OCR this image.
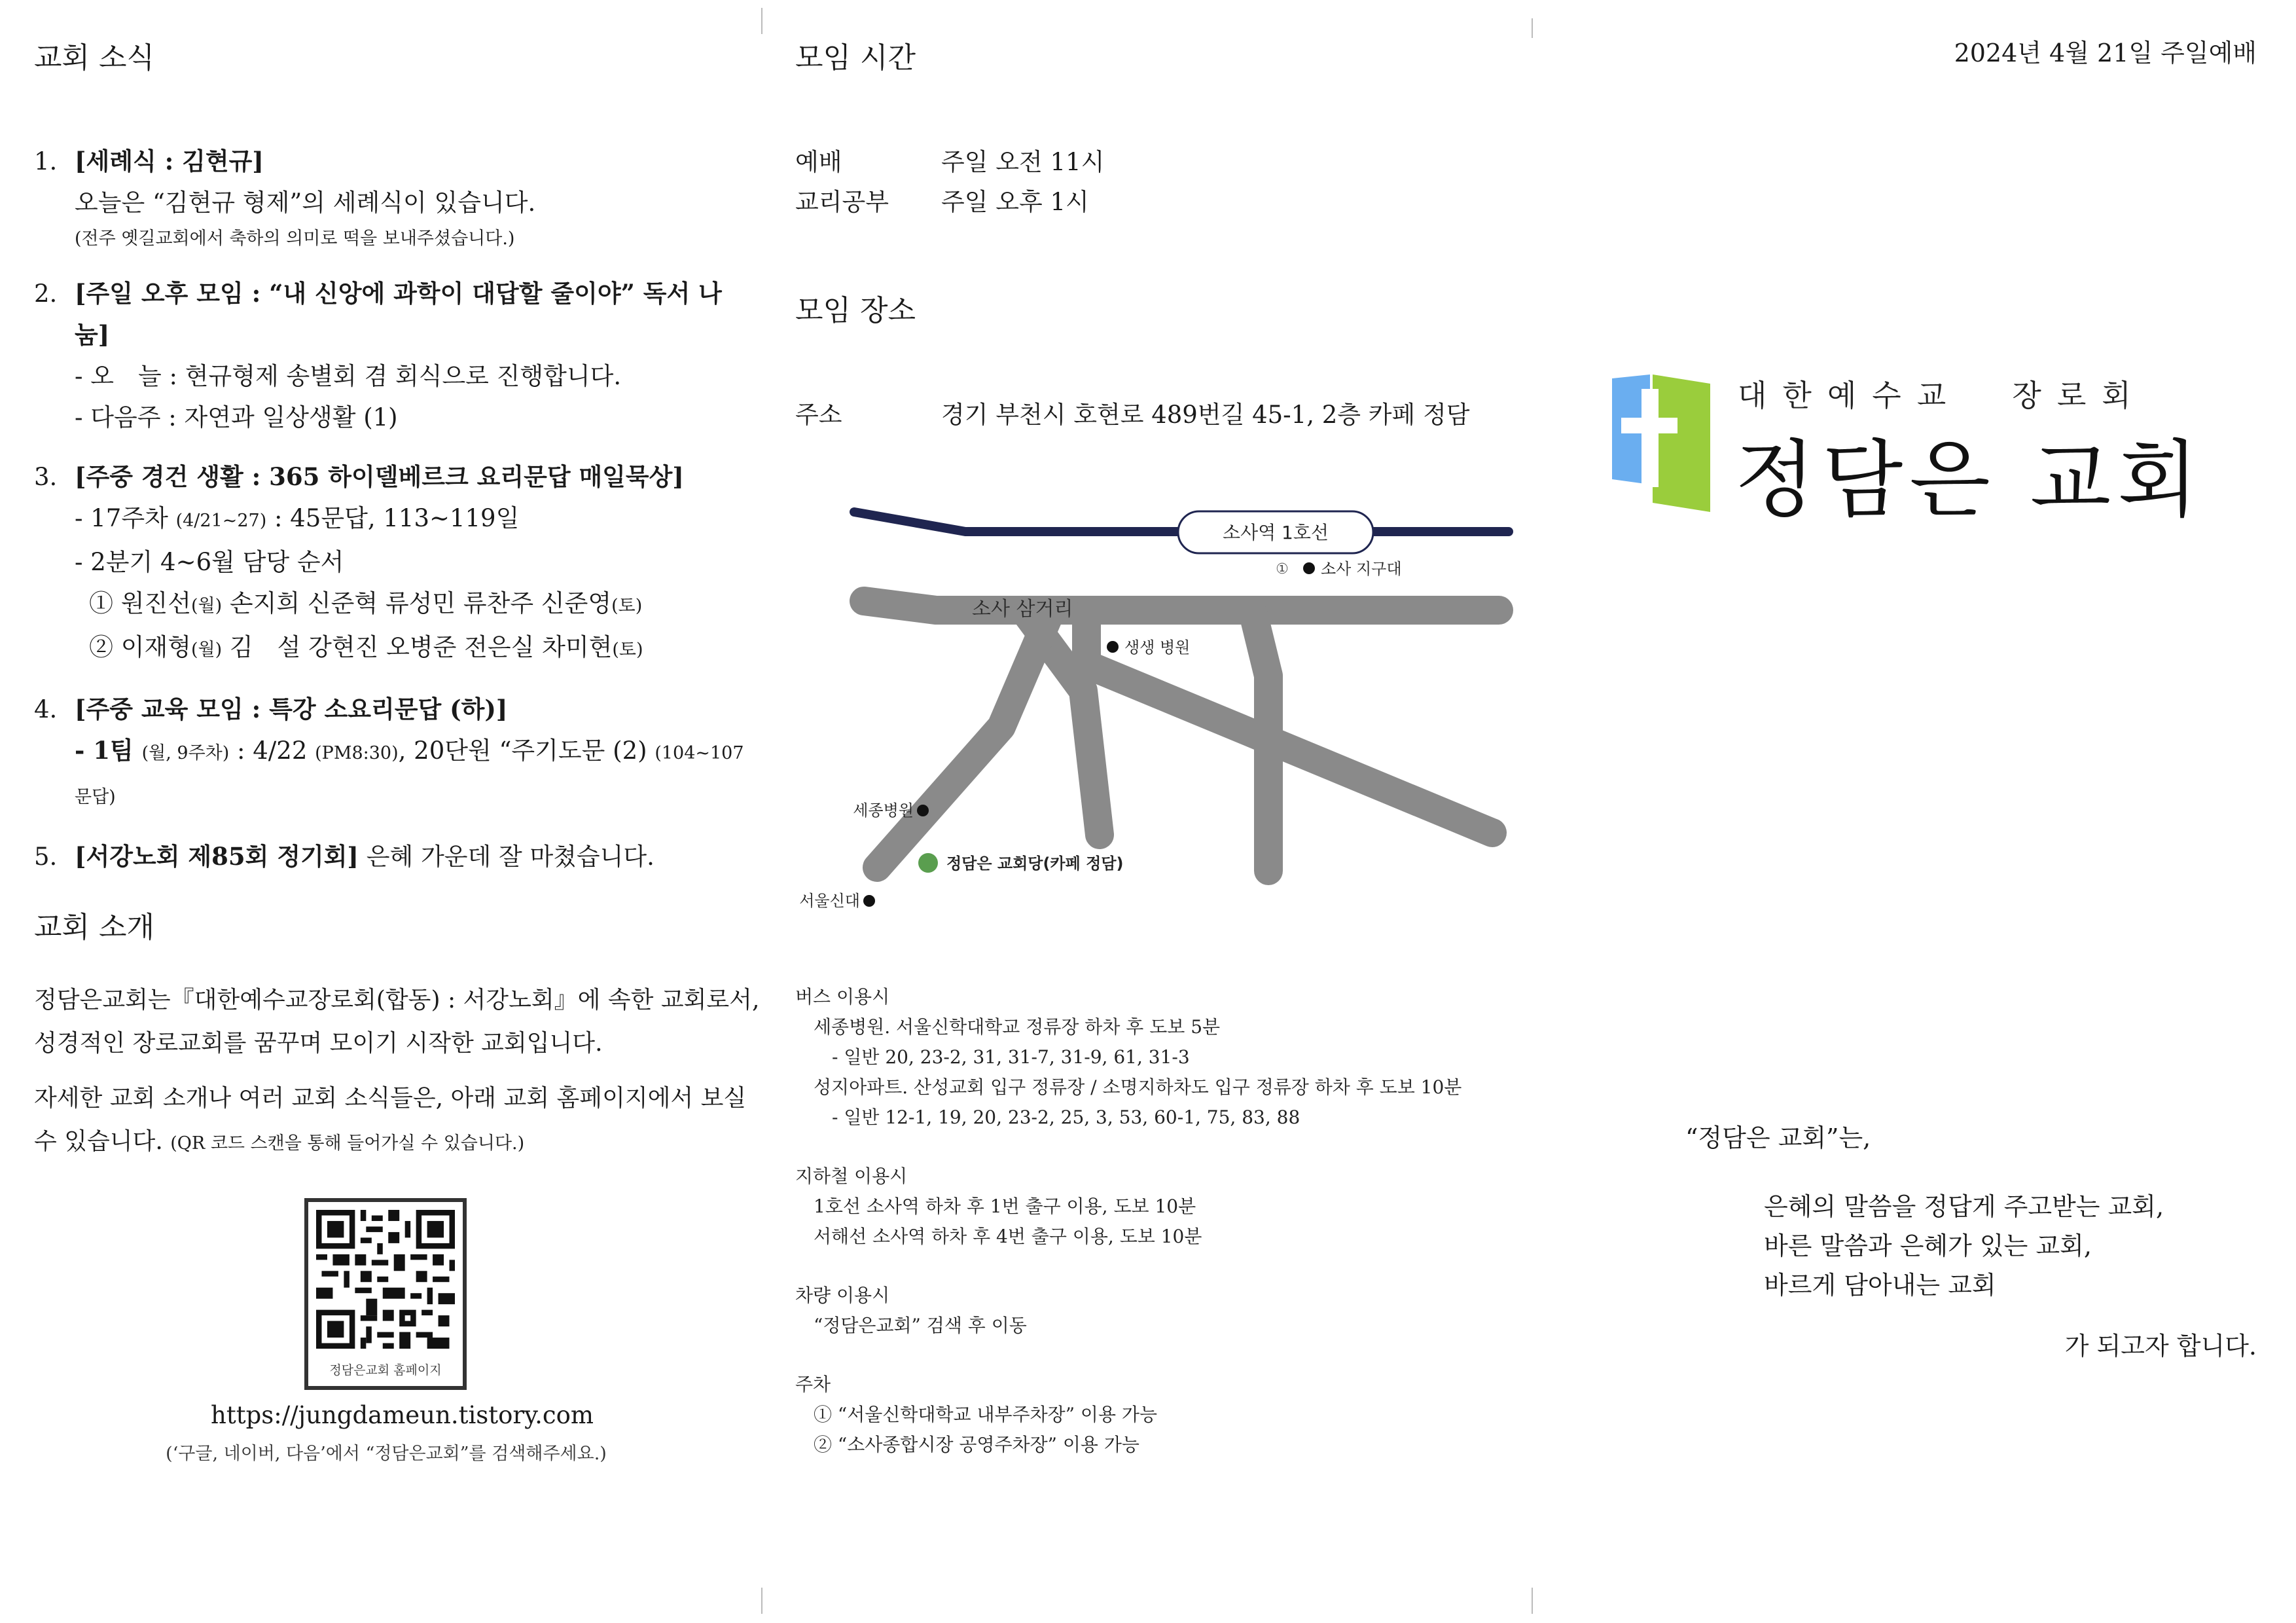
교회 소식
1. [세례식 : 김현규]
오늘은 “김현규 형제”의 세례식이 있습니다.
(전주 옛길교회에서 축하의 의미로 떡을 보내주셨습니다.)
2. [주일 오후 모임 : “내 신앙에 과학이 대답할 줄이야” 독서 나눔]
- 오　늘 : 현규형제 송별회 겸 회식으로 진행합니다.
- 다음주 : 자연과 일상생활 (1)
3. [주중 경건 생활 : 365 하이델베르크 요리문답 매일묵상]
- 17주차 (4/21~27) : 45문답, 113~119일
- 2분기 4~6월 담당 순서
① 원진선(월) 손지희 신준혁 류성민 류찬주 신준영(토)
② 이재형(월) 김　설 강현진 오병준 전은실 차미현(토)
4. [주중 교육 모임 : 특강 소요리문답 (하)]
- 1팀 (월, 9주차) : 4/22 (PM8:30), 20단원 “주기도문 (2) (104~107문답)
5. [서강노회 제85회 정기회] 은혜 가운데 잘 마쳤습니다.
교회 소개

정담은교회는『대한예수교장로회(합동) : 서강노회』에 속한 교회로서, 성경적인 장로교회를 꿈꾸며 모이기 시작한 교회입니다.

자세한 교회 소개나 여러 교회 소식들은, 아래 교회 홈페이지에서 보실 수 있습니다. (QR 코드 스캔을 통해 들어가실 수 있습니다.)

정담은교회 홈페이지
https://jungdameun.tistory.com
(‘구글, 네이버, 다음’에서 “정담은교회”를 검색해주세요.)
모임 시간
예배	주일 오전 11시
교리공부 주일 오후 1시
모임 장소
주소	경기 부천시 호현로 489번길 45-1, 2층 카페 정담
소사역 1호선
① 소사 지구대
소사 삼거리
생생 병원
세종병원
정담은 교회당(카페 정담)
서울신대
버스 이용시
세종병원. 서울신학대학교 정류장 하차 후 도보 5분
- 일반 20, 23-2, 31, 31-7, 31-9, 61, 31-3
성지아파트. 산성교회 입구 정류장 / 소명지하차도 입구 정류장 하차 후 도보 10분
- 일반 12-1, 19, 20, 23-2, 25, 3, 53, 60-1, 75, 83, 88
지하철 이용시
1호선 소사역 하차 후 1번 출구 이용, 도보 10분
서해선 소사역 하차 후 4번 출구 이용, 도보 10분
차량 이용시
“정담은교회” 검색 후 이동
주차
① “서울신학대학교 내부주차장” 이용 가능
② “소사종합시장 공영주차장” 이용 가능
2024년 4월 21일 주일예배
대한예수교  장로회
정담은 교회
“정담은 교회”는,
은혜의 말씀을 정답게 주고받는 교회,
바른 말씀과 은혜가 있는 교회,
바르게 담아내는 교회
가 되고자 합니다.
